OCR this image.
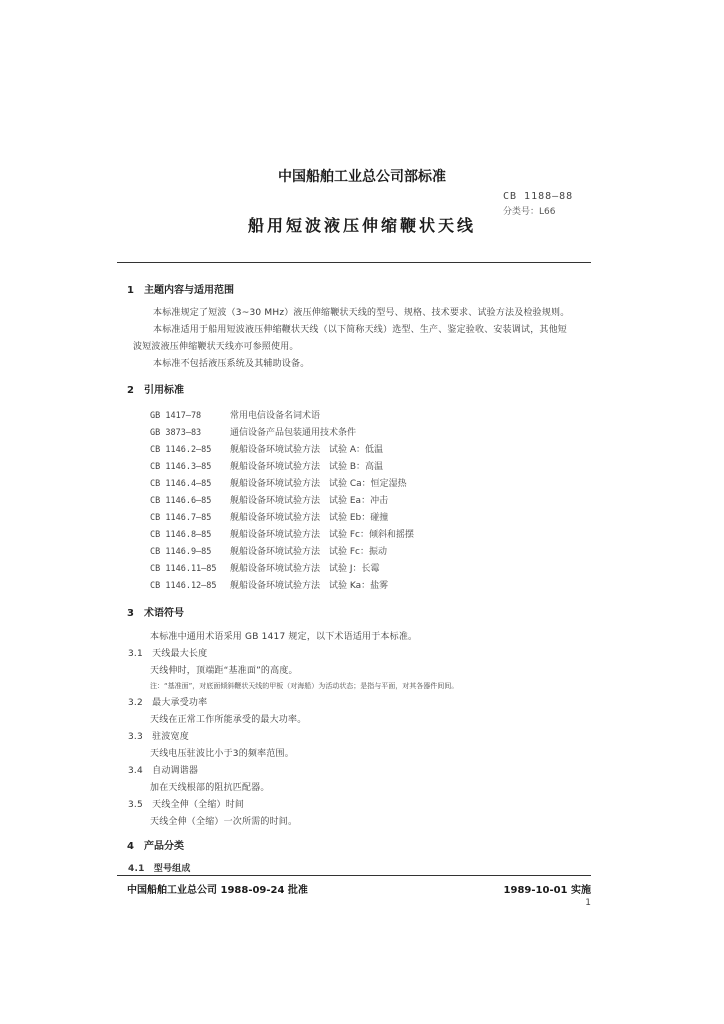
中国船舶工业总公司部标准
CB 1188—88
分类号：L66
船用短波液压伸缩鞭状天线
1　主题内容与适用范围
本标准规定了短波（3~30 MHz）液压伸缩鞭状天线的型号、规格、技术要求、试验方法及检验规则。
本标准适用于船用短波液压伸缩鞭状天线（以下简称天线）选型、生产、鉴定验收、安装调试，其他短
波短波液压伸缩鞭状天线亦可参照使用。
本标准不包括液压系统及其辅助设备。
2　引用标准
GB 1417—78	常用电信设备名词术语
GB 3873—83	通信设备产品包装通用技术条件
CB 1146.2—85 舰船设备环境试验方法　试验 A：低温
CB 1146.3—85 舰船设备环境试验方法　试验 B：高温
CB 1146.4—85 舰船设备环境试验方法　试验 Ca：恒定湿热
CB 1146.6—85 舰船设备环境试验方法　试验 Ea：冲击
CB 1146.7—85 舰船设备环境试验方法　试验 Eb：碰撞
CB 1146.8—85 舰船设备环境试验方法　试验 Fc：倾斜和摇摆
CB 1146.9—85 舰船设备环境试验方法　试验 Fc：振动
CB 1146.11—85 舰船设备环境试验方法　试验 J：长霉
CB 1146.12—85 舰船设备环境试验方法　试验 Ka：盐雾
3　术语符号
本标准中通用术语采用 GB 1417 规定，以下术语适用于本标准。
3.1　 天线最大长度
天线伸时，顶端距“基准面”的高度。
注：“基准面”，对底面倾斜鞭状天线的甲板（对海船）为活动状态；是指与平面，对其各器件间间。
3.2　 最大承受功率
天线在正常工作所能承受的最大功率。
3.3　 驻波宽度
天线电压驻波比小于3的频率范围。
3.4　 自动调谐器
加在天线根部的阻抗匹配器。
3.5　 天线全伸（全缩）时间
天线全伸（全缩）一次所需的时间。
4　产品分类
4.1　型号组成
中国船舶工业总公司 1988-09-24 批准	1989-10-01 实施
1
